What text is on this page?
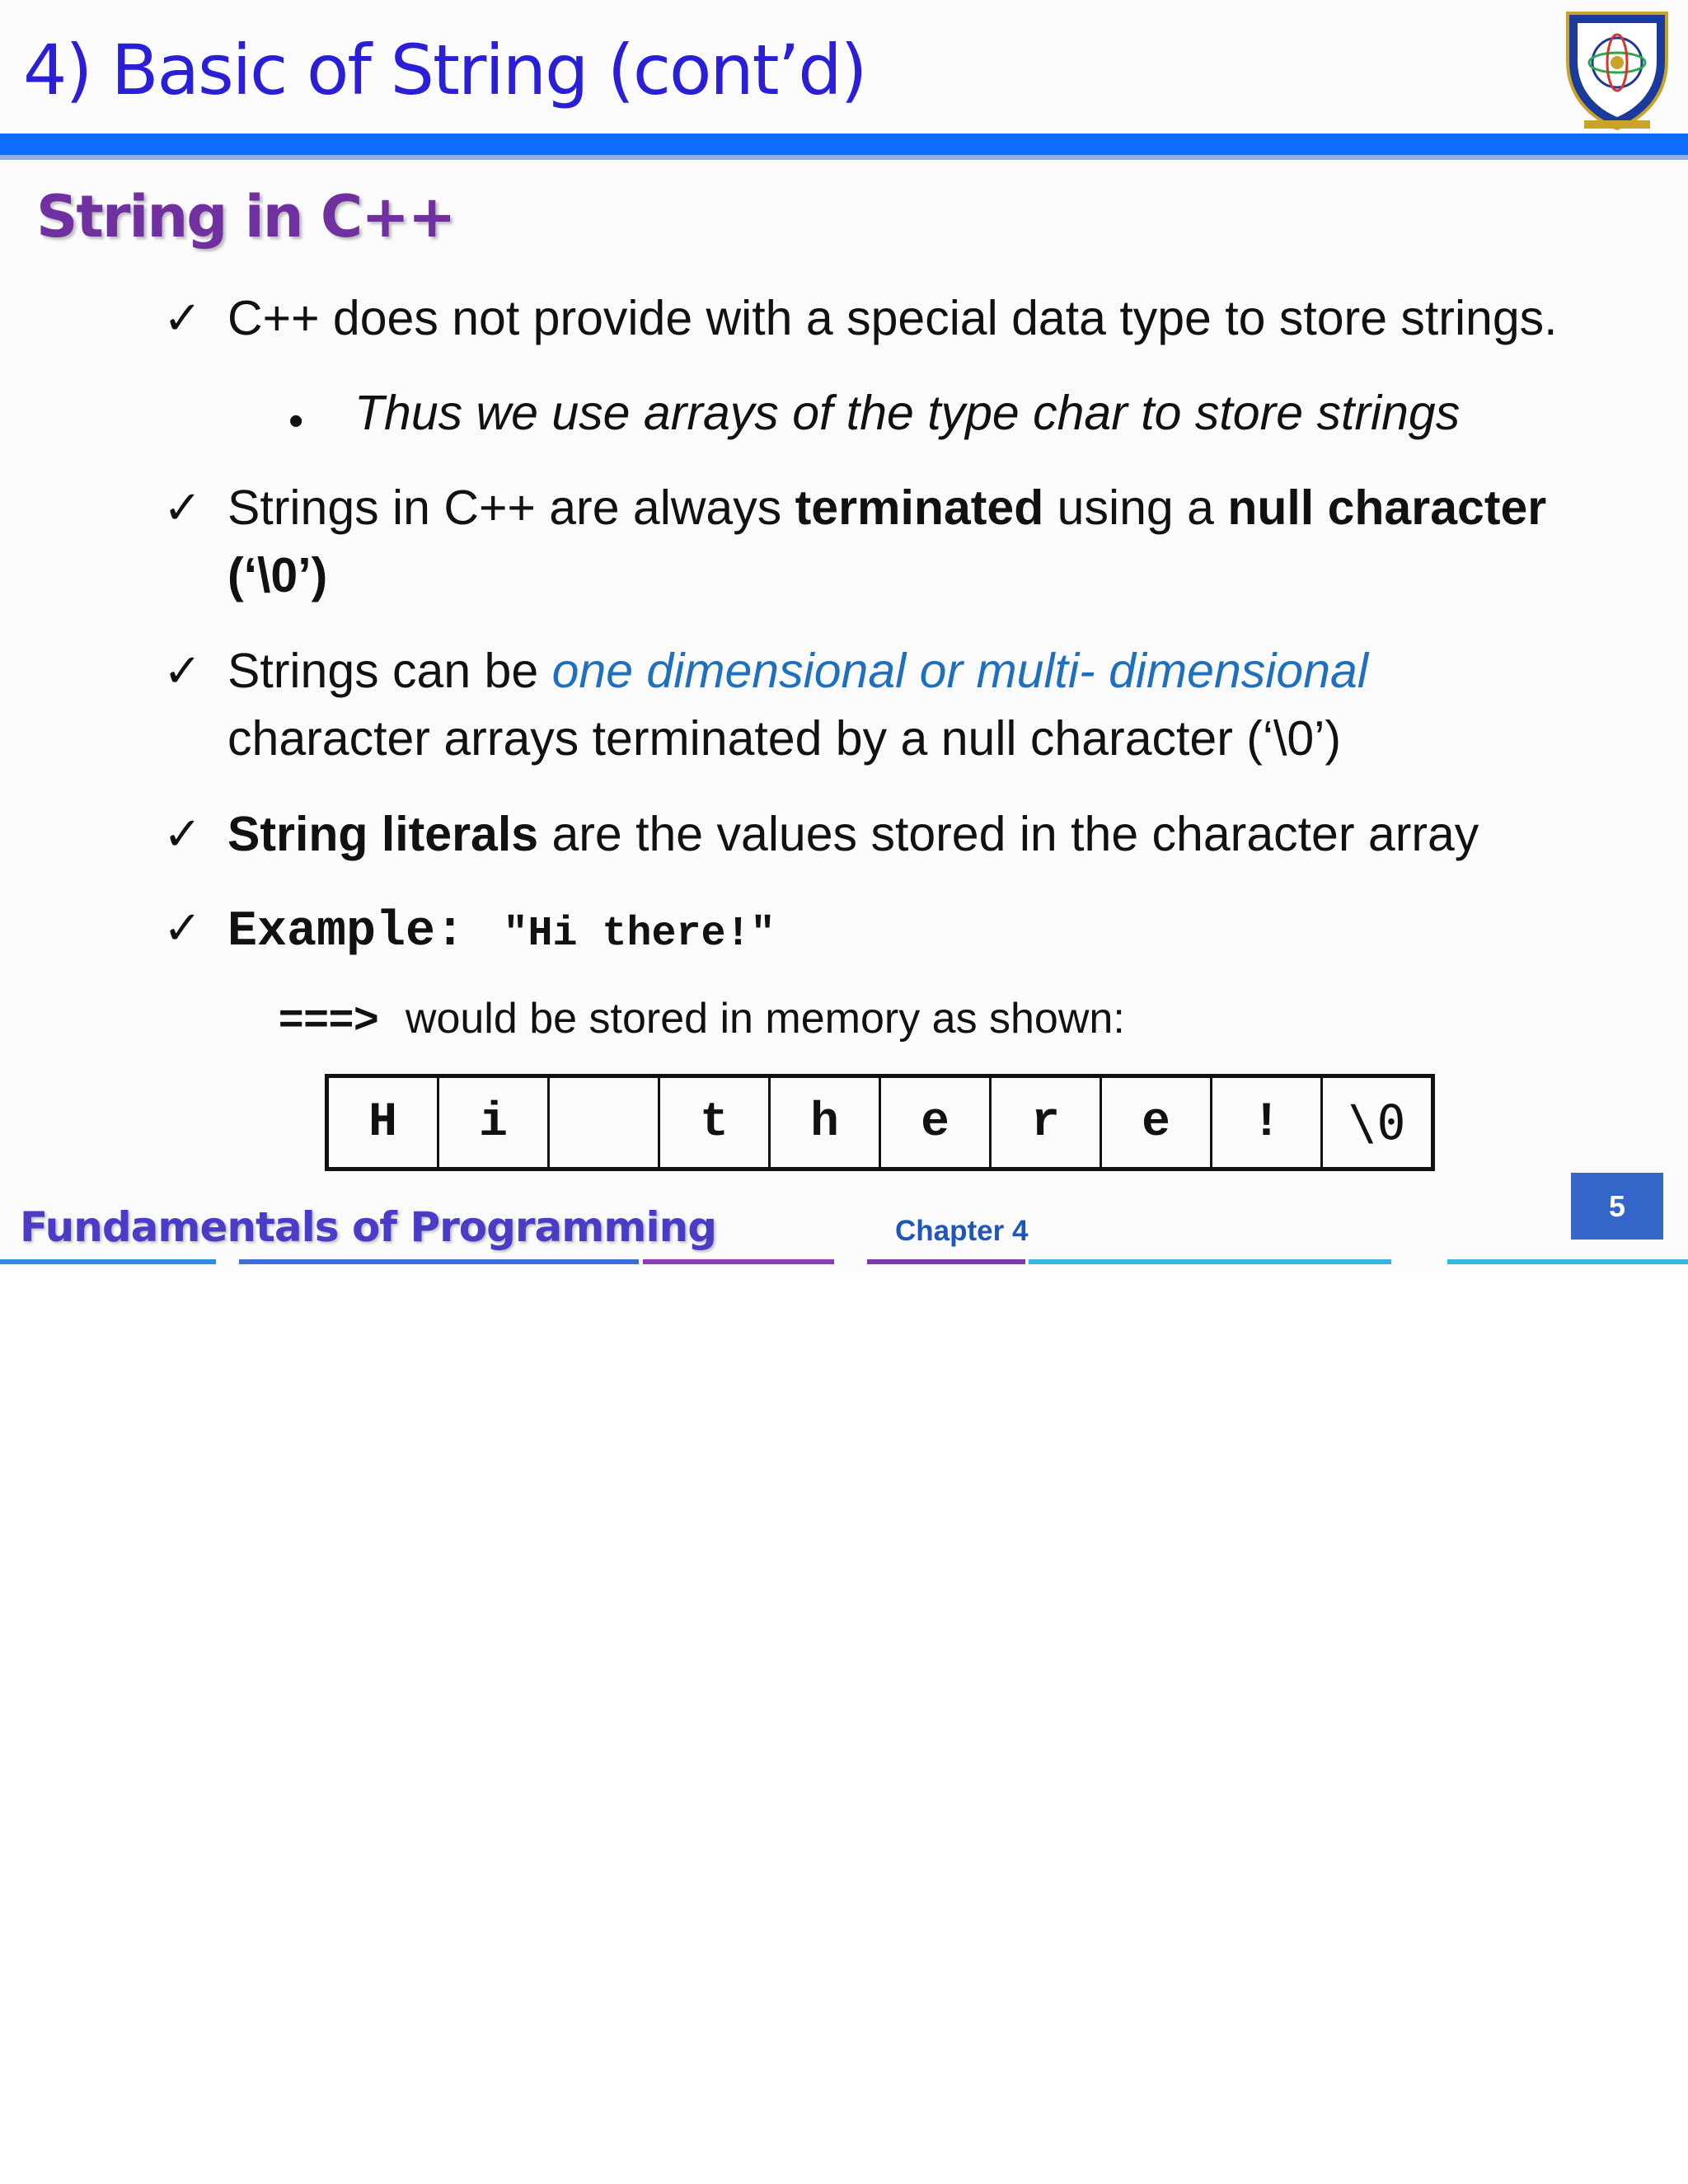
4) Basic of String (cont’d)
String in C++
✓ C++ does not provide with a special data type to store strings.

• Thus we use arrays of the type char to store strings
✓ Strings in C++ are always terminated using a null character
(‘\0’)

✓ Strings can be one dimensional or multi- dimensional
character arrays terminated by a null character (‘\0’)

✓ String literals are the values stored in the character array

✓ Example: "Hi there!"

===> would be stored in memory as shown:
H	i		t	h	e	r	e	!	\0
Fundamentals of Programming	Chapter 4
5
